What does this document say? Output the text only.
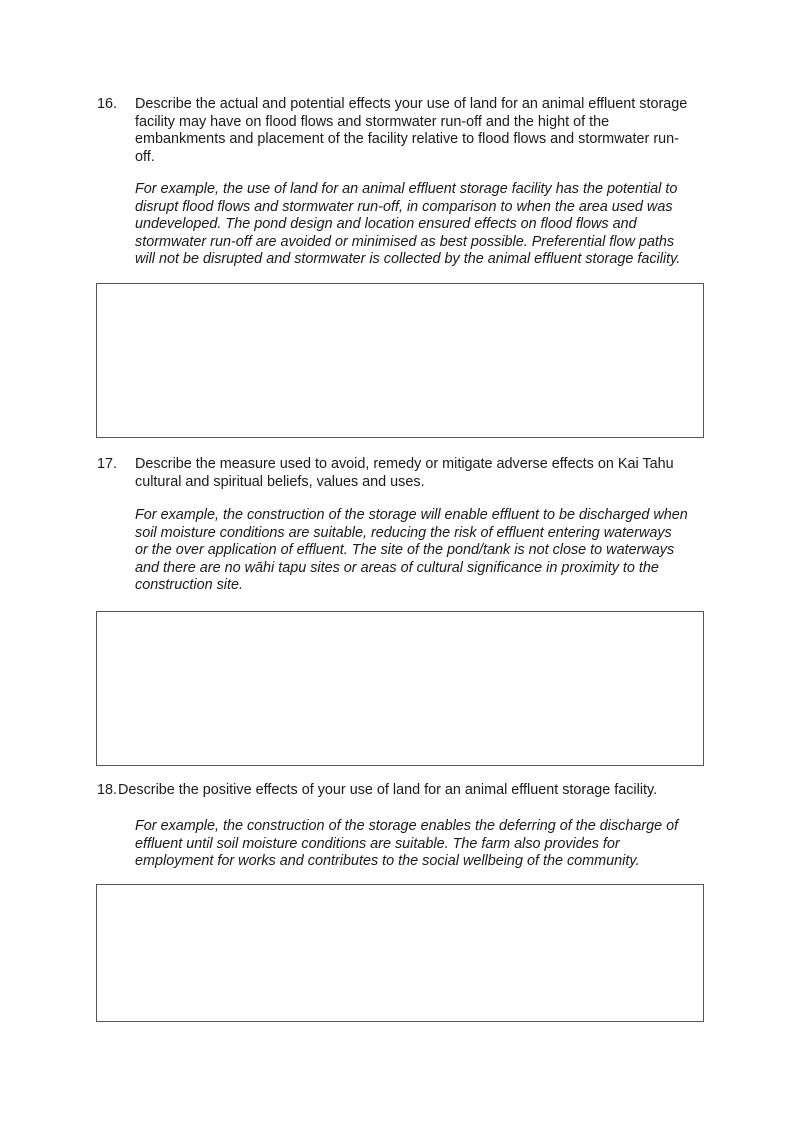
16. Describe the actual and potential effects your use of land for an animal effluent storage
facility may have on flood flows and stormwater run-off and the hight of the
embankments and placement of the facility relative to flood flows and stormwater run-
off.
For example, the use of land for an animal effluent storage facility has the potential to
disrupt flood flows and stormwater run-off, in comparison to when the area used was
undeveloped. The pond design and location ensured effects on flood flows and
stormwater run-off are avoided or minimised as best possible. Preferential flow paths
will not be disrupted and stormwater is collected by the animal effluent storage facility.
17. Describe the measure used to avoid, remedy or mitigate adverse effects on Kai Tahu
cultural and spiritual beliefs, values and uses.
For example, the construction of the storage will enable effluent to be discharged when
soil moisture conditions are suitable, reducing the risk of effluent entering waterways
or the over application of effluent. The site of the pond/tank is not close to waterways
and there are no wāhi tapu sites or areas of cultural significance in proximity to the
construction site.
18. Describe the positive effects of your use of land for an animal effluent storage facility.
For example, the construction of the storage enables the deferring of the discharge of
effluent until soil moisture conditions are suitable. The farm also provides for
employment for works and contributes to the social wellbeing of the community.
